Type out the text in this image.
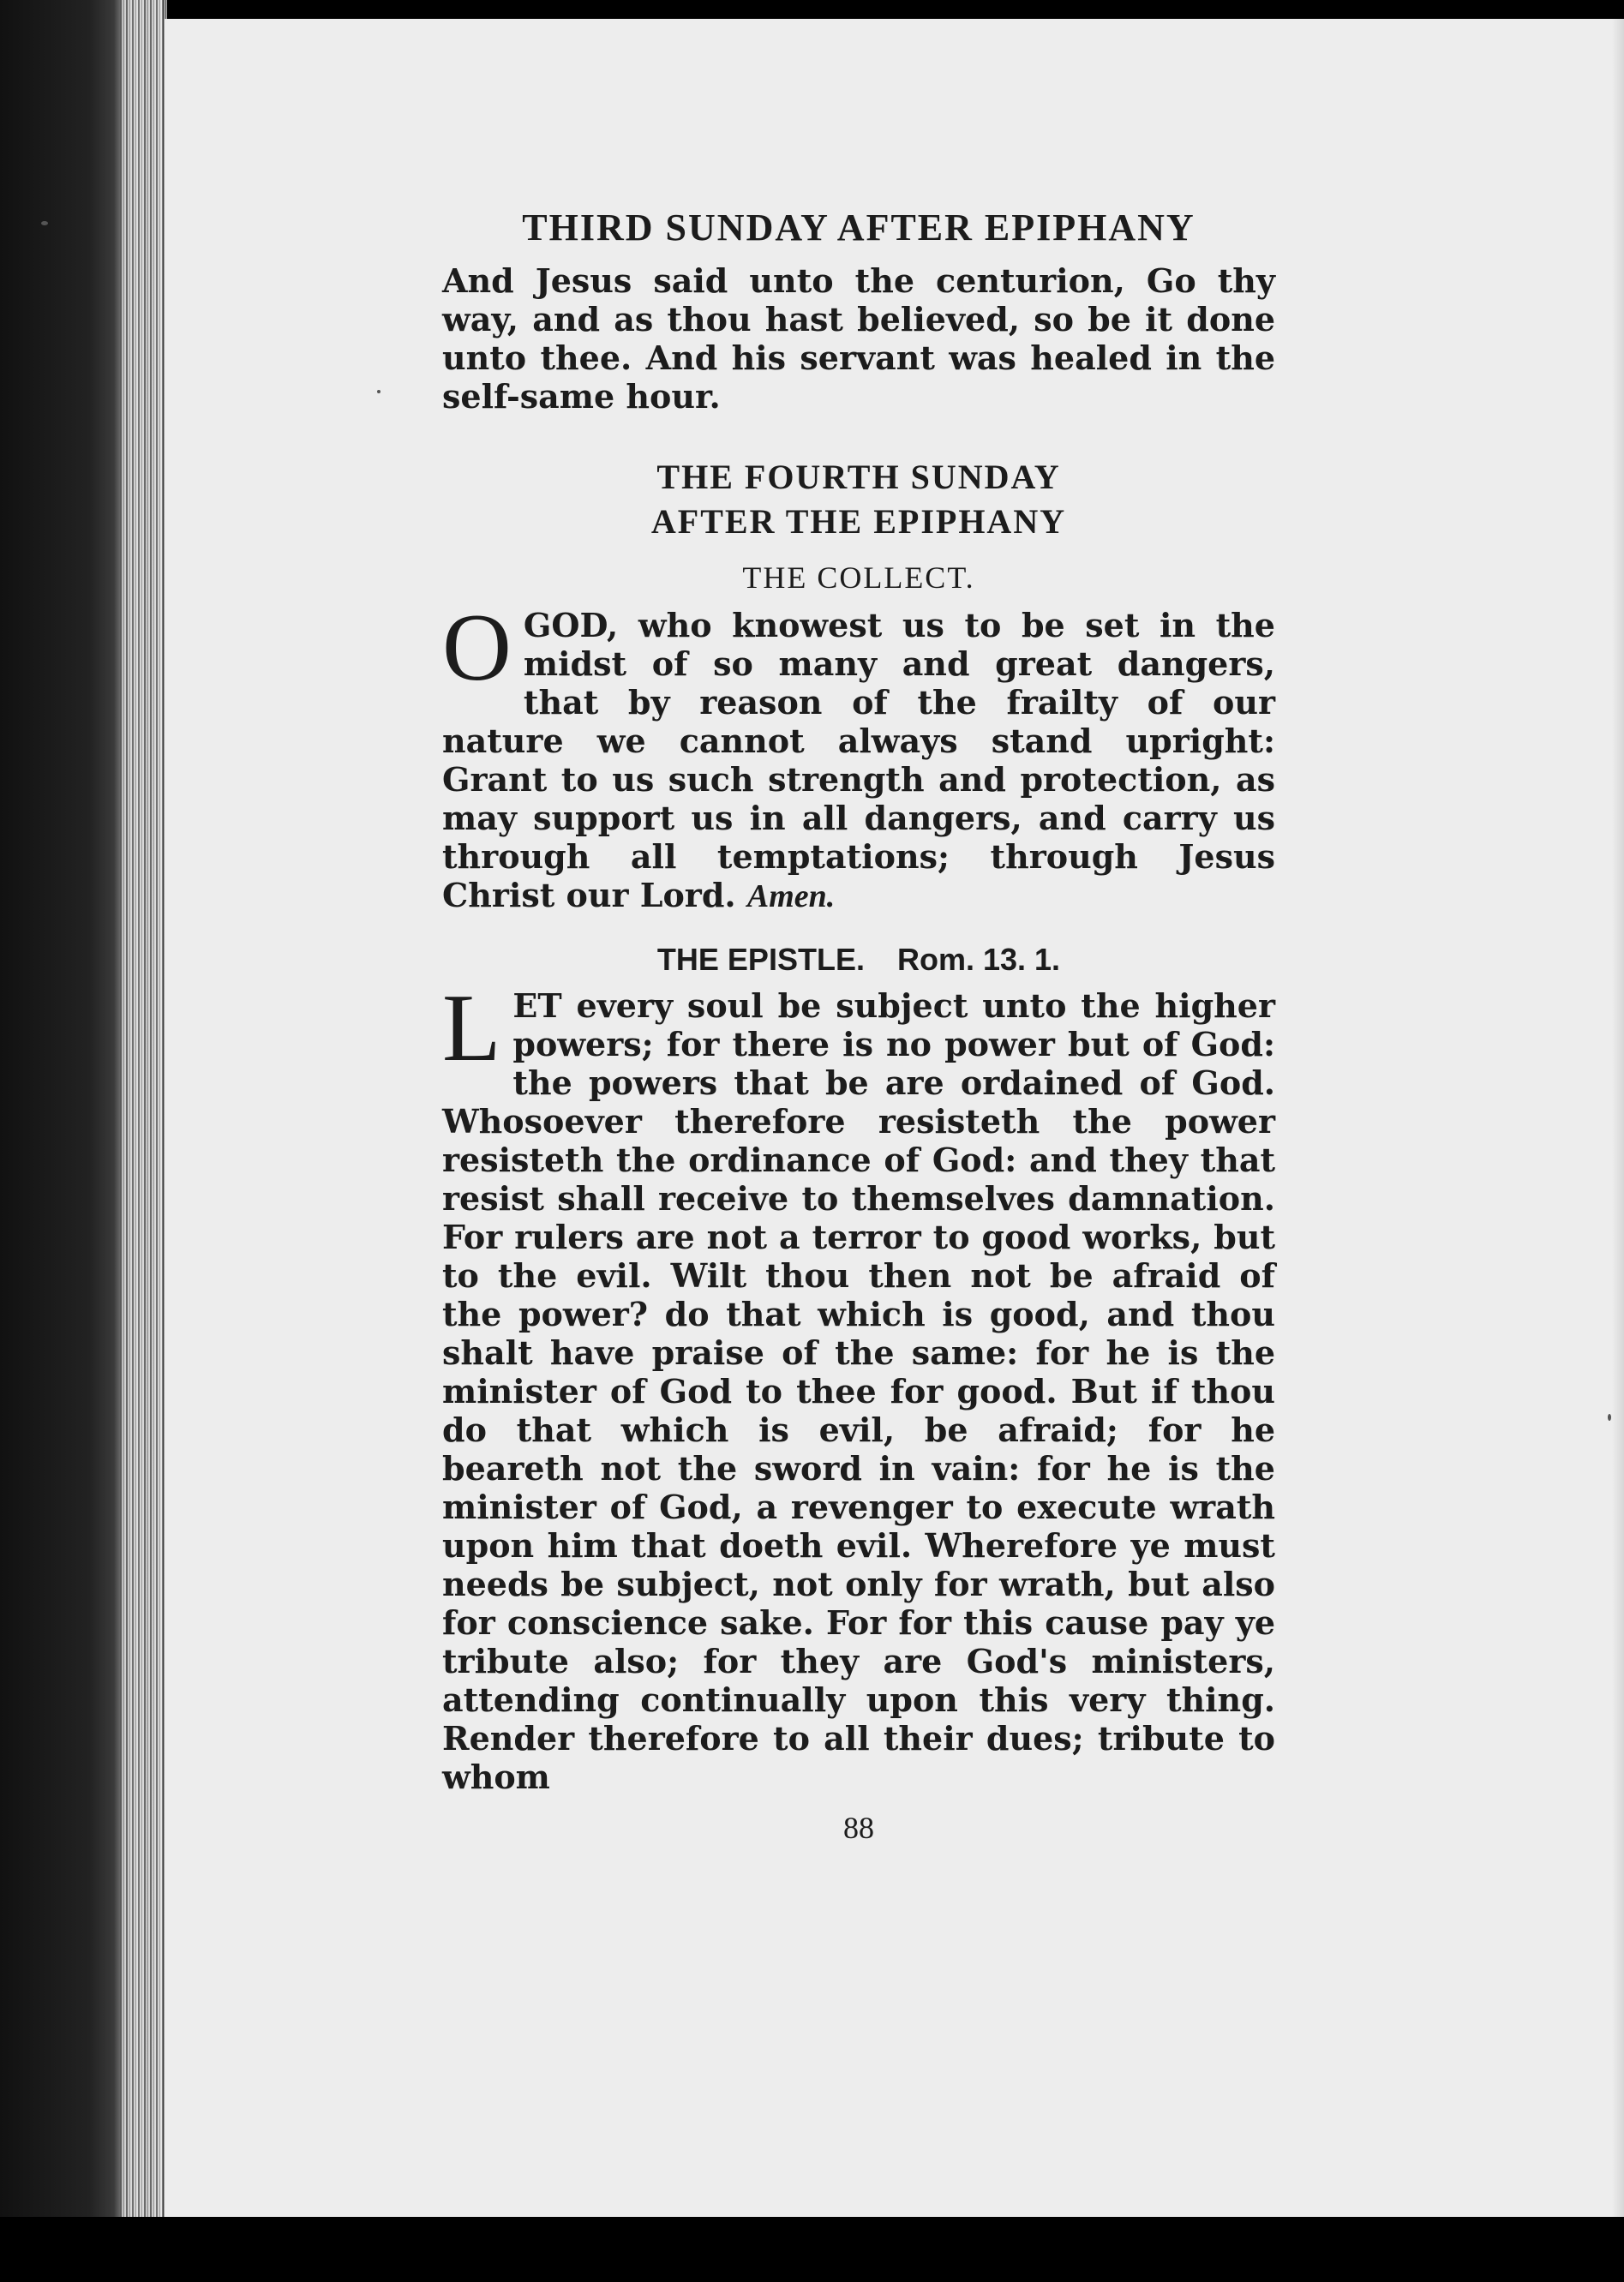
THIRD SUNDAY AFTER EPIPHANY

And Jesus said unto the centurion, Go thy way, and as thou hast believed, so be it done unto thee. And his servant was healed in the self-same hour.

THE FOURTH SUNDAY
AFTER THE EPIPHANY
THE COLLECT.

O GOD, who knowest us to be set in the midst of so many and great dangers, that by reason of the frailty of our nature we cannot always stand upright: Grant to us such strength and protection, as may support us in all dangers, and carry us through all temptations; through Jesus Christ our Lord. Amen.

THE EPISTLE. Rom. 13. 1.

L ET every soul be subject unto the higher powers; for there is no power but of God: the powers that be are ordained of God. Whosoever therefore resisteth the power resisteth the ordinance of God: and they that resist shall receive to themselves damnation. For rulers are not a terror to good works, but to the evil. Wilt thou then not be afraid of the power? do that which is good, and thou shalt have praise of the same: for he is the minister of God to thee for good. But if thou do that which is evil, be afraid; for he beareth not the sword in vain: for he is the minister of God, a revenger to execute wrath upon him that doeth evil. Wherefore ye must needs be subject, not only for wrath, but also for conscience sake. For for this cause pay ye tribute also; for they are God's ministers, attending continually upon this very thing. Render therefore to all their dues; tribute to whom

88
